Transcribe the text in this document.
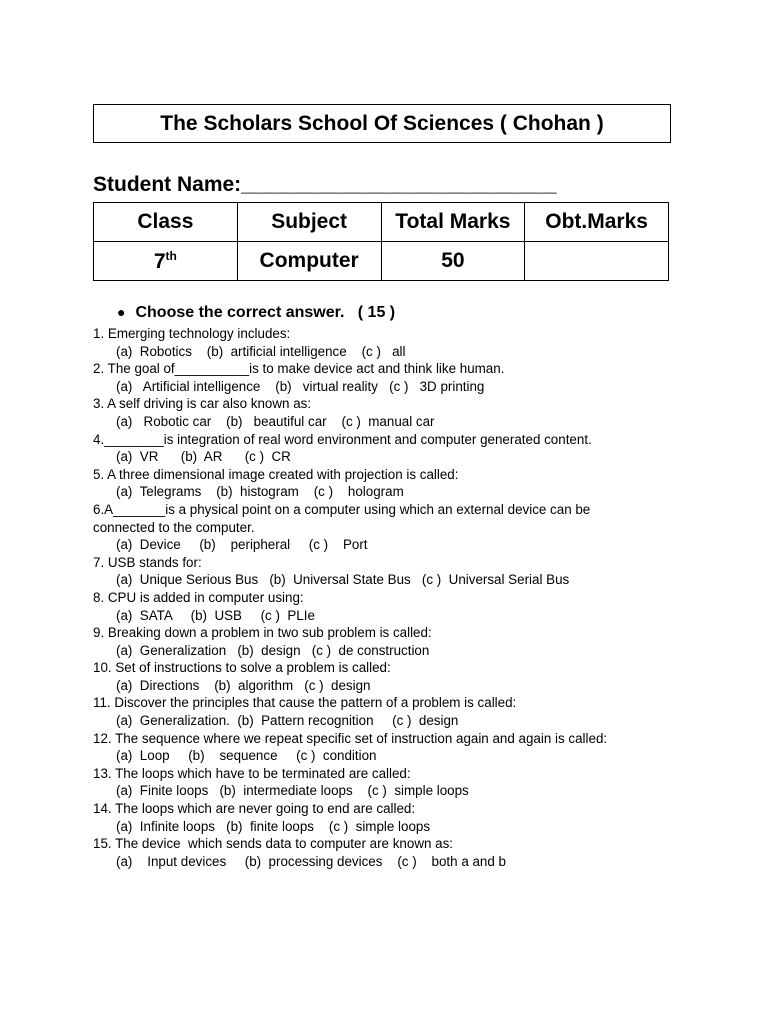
The Scholars School Of Sciences ( Chohan )
Student Name:___________________________
Class	Subject	Total Marks	Obt.Marks
7th	Computer	50	
● Choose the correct answer.   ( 15 )
1. Emerging technology includes:
(a)  Robotics    (b)  artificial intelligence    (c )   all
2. The goal of__________is to make device act and think like human.
(a)   Artificial intelligence    (b)   virtual reality   (c )   3D printing
3. A self driving is car also known as:
(a)   Robotic car    (b)   beautiful car    (c )  manual car
4.________is integration of real word environment and computer generated content.
(a)  VR      (b)  AR      (c )  CR
5. A three dimensional image created with projection is called:
(a)  Telegrams    (b)  histogram    (c )    hologram
6.A_______is a physical point on a computer using which an external device can be connected to the computer.
(a)  Device     (b)    peripheral     (c )    Port
7. USB stands for:
(a)  Unique Serious Bus   (b)  Universal State Bus   (c )  Universal Serial Bus
8. CPU is added in computer using:
(a)  SATA     (b)  USB     (c )  PLIe
9. Breaking down a problem in two sub problem is called:
(a)  Generalization   (b)  design   (c )  de construction
10. Set of instructions to solve a problem is called:
(a)  Directions    (b)  algorithm   (c )  design
11. Discover the principles that cause the pattern of a problem is called:
(a)  Generalization.  (b)  Pattern recognition     (c )  design
12. The sequence where we repeat specific set of instruction again and again is called:
(a)  Loop     (b)    sequence     (c )  condition
13. The loops which have to be terminated are called:
(a)  Finite loops   (b)  intermediate loops    (c )  simple loops
14. The loops which are never going to end are called:
(a)  Infinite loops   (b)  finite loops    (c )  simple loops
15. The device  which sends data to computer are known as:
(a)    Input devices     (b)  processing devices    (c )    both a and b
